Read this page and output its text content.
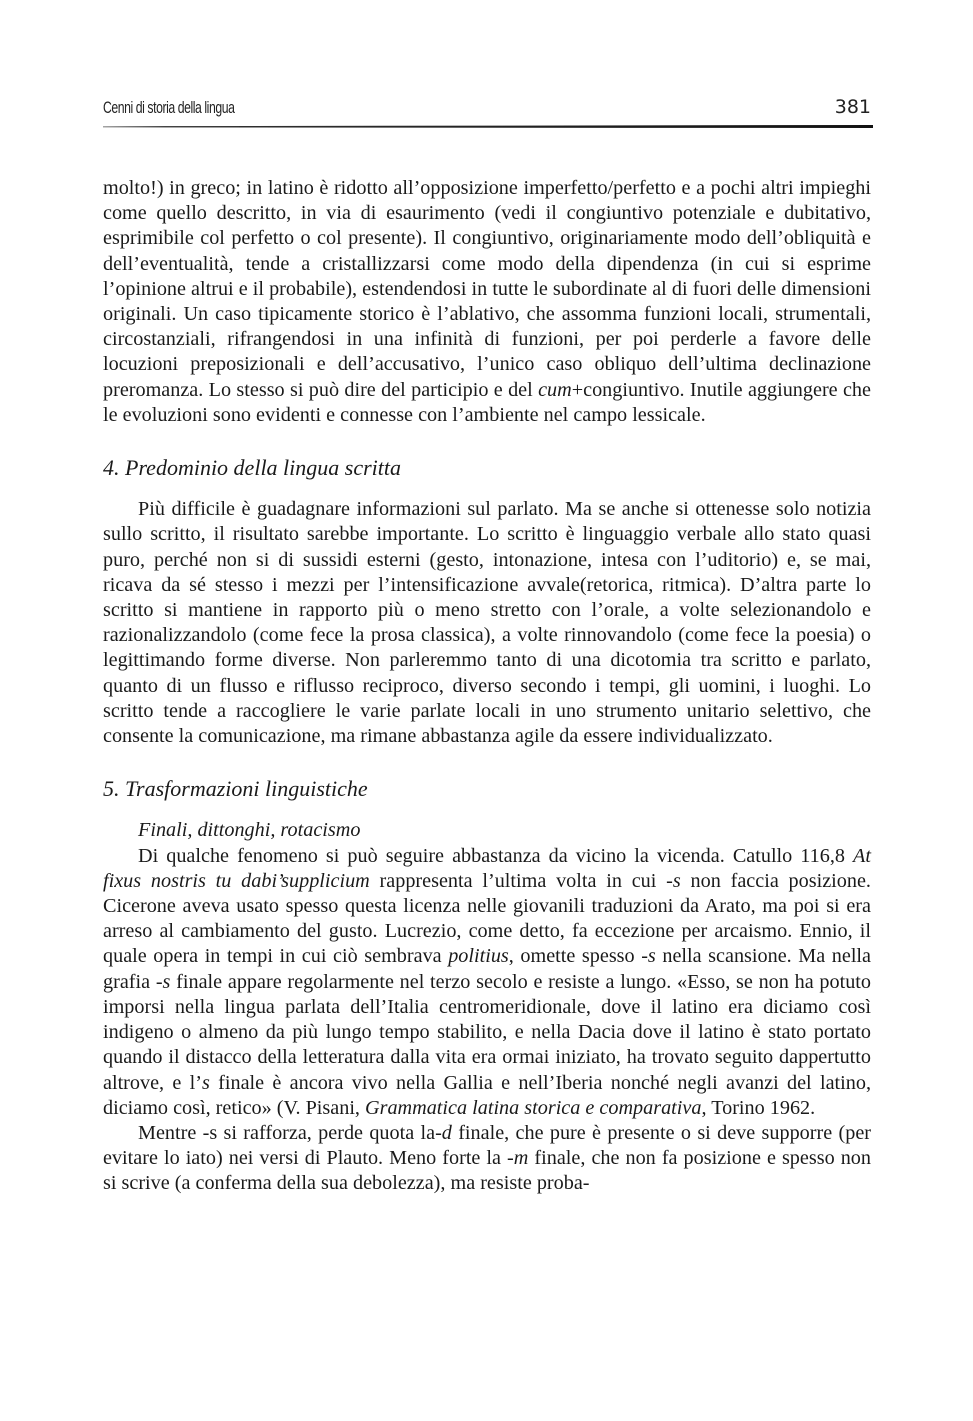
Cenni di storia della lingua	381

molto!) in greco; in latino è ridotto all’opposizione imperfetto/perfetto e a pochi altri impieghi come quello descritto, in via di esaurimento (vedi il congiuntivo potenziale e dubitativo, esprimibile col perfetto o col presente). Il congiuntivo, originariamente modo dell’obliquità e dell’eventualità, tende a cristallizzarsi come modo della dipendenza (in cui si esprime l’opinione altrui e il probabile), estendendosi in tutte le subordinate al di fuori delle dimensioni originali. Un caso tipicamente storico è l’ablativo, che assomma funzioni locali, strumentali, circostanziali, rifrangendosi in una infinità di funzioni, per poi perderle a favore delle locuzioni preposizionali e dell’accusativo, l’unico caso obliquo dell’ultima declinazione preromanza. Lo stesso si può dire del participio e del cum+congiuntivo. Inutile aggiungere che le evoluzioni sono evidenti e connesse con l’ambiente nel campo lessicale.

4. Predominio della lingua scritta

Più difficile è guadagnare informazioni sul parlato. Ma se anche si ottenesse solo notizia sullo scritto, il risultato sarebbe importante. Lo scritto è linguaggio verbale allo stato quasi puro, perché non si di sussidi esterni (gesto, intonazione, intesa con l’uditorio) e, se mai, ricava da sé stesso i mezzi per l’intensificazione avvale(retorica, ritmica). D’altra parte lo scritto si mantiene in rapporto più o meno stretto con l’orale, a volte selezionandolo e razionalizzandolo (come fece la prosa classica), a volte rinnovandolo (come fece la poesia) o legittimando forme diverse. Non parleremmo tanto di una dicotomia tra scritto e parlato, quanto di un flusso e riflusso reciproco, diverso secondo i tempi, gli uomini, i luoghi. Lo scritto tende a raccogliere le varie parlate locali in uno strumento unitario selettivo, che consente la comunicazione, ma rimane abbastanza agile da essere individualizzato.

5. Trasformazioni linguistiche

Finali, dittonghi, rotacismo

Di qualche fenomeno si può seguire abbastanza da vicino la vicenda. Catullo 116,8 At fixus nostris tu dabi’supplicium rappresenta l’ultima volta in cui -s non faccia posizione. Cicerone aveva usato spesso questa licenza nelle giovanili traduzioni da Arato, ma poi si era arreso al cambiamento del gusto. Lucrezio, come detto, fa eccezione per arcaismo. Ennio, il quale opera in tempi in cui ciò sembrava politius, omette spesso -s nella scansione. Ma nella grafia -s finale appare regolarmente nel terzo secolo e resiste a lungo. «Esso, se non ha potuto imporsi nella lingua parlata dell’Italia centromeridionale, dove il latino era diciamo così indigeno o almeno da più lungo tempo stabilito, e nella Dacia dove il latino è stato portato quando il distacco della letteratura dalla vita era ormai iniziato, ha trovato seguito dappertutto altrove, e l’s finale è ancora vivo nella Gallia e nell’Iberia nonché negli avanzi del latino, diciamo così, retico» (V. Pisani, Grammatica latina storica e comparativa, Torino 1962.

Mentre -s si rafforza, perde quota la-d finale, che pure è presente o si deve supporre (per evitare lo iato) nei versi di Plauto. Meno forte la -m finale, che non fa posizione e spesso non si scrive (a conferma della sua debolezza), ma resiste proba-
